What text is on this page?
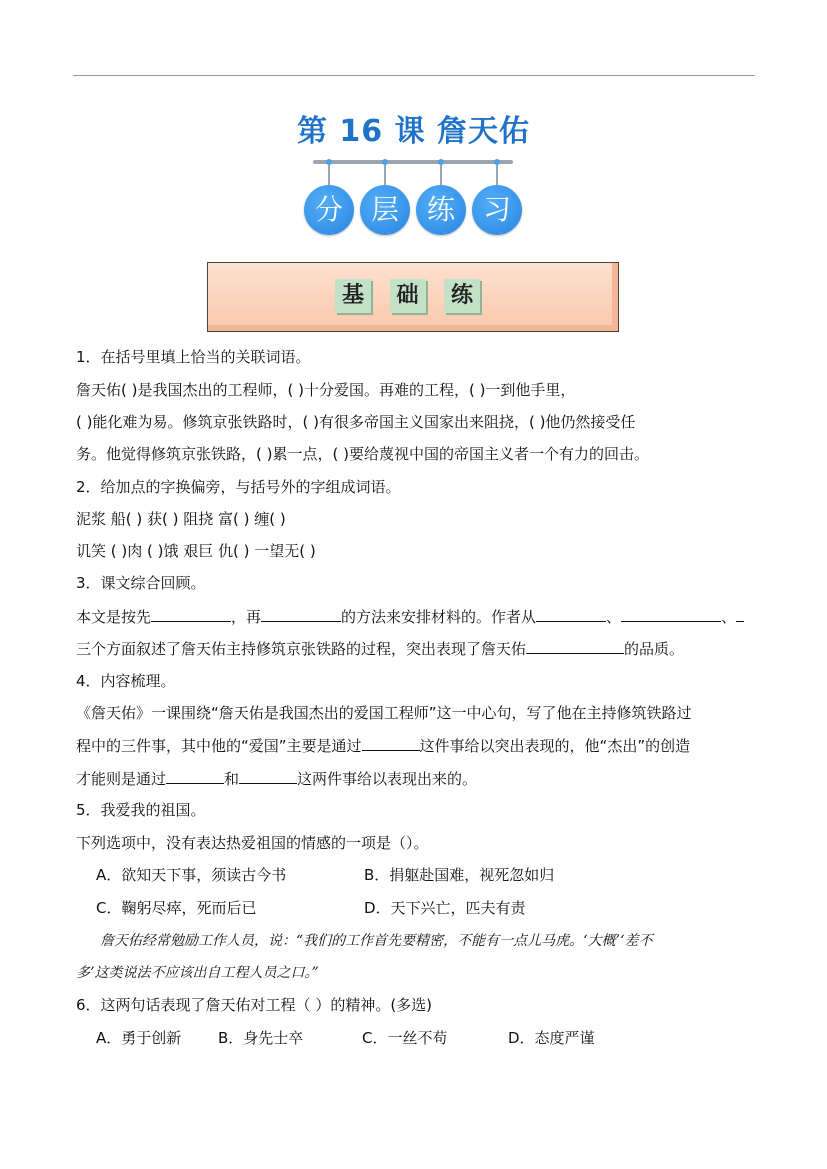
第 16 课 詹天佑
分 层 练 习
基	础	练
1．在括号里填上恰当的关联词语。
詹天佑( )是我国杰出的工程师，( )十分爱国。再难的工程，( )一到他手里，
( )能化难为易。修筑京张铁路时，( )有很多帝国主义国家出来阻挠，( )他仍然接受任
务。他觉得修筑京张铁路，( )累一点，( )要给蔑视中国的帝国主义者一个有力的回击。
2．给加点的字换偏旁，与括号外的字组成词语。
泥浆 船( ) 获( ) 阻挠 富( ) 缠( )
讥笑 ( )肉 ( )饿 艰巨 仇( ) 一望无( )
3．课文综合回顾。
本文是按先	，再	的方法来安排材料的。作者从	、	、
三个方面叙述了詹天佑主持修筑京张铁路的过程，突出表现了詹天佑	的品质。
4．内容梳理。
《詹天佑》一课围绕“詹天佑是我国杰出的爱国工程师”这一中心句，写了他在主持修筑铁路过
程中的三件事，其中他的“爱国”主要是通过	这件事给以突出表现的，他“杰出”的创造
才能则是通过	和	这两件事给以表现出来的。
5．我爱我的祖国。
下列选项中，没有表达热爱祖国的情感的一项是（）。
A．欲知天下事，须读古今书	B．捐躯赴国难，视死忽如归
C．鞠躬尽瘁，死而后已	D．天下兴亡，匹夫有责
詹天佑经常勉励工作人员，说：“我们的工作首先要精密，不能有一点儿马虎。‘大概’‘差不
多’这类说法不应该出自工程人员之口。”
6．这两句话表现了詹天佑对工程（ ）的精神。(多选)
A．勇于创新 B．身先士卒	C．一丝不苟	D．态度严谨
